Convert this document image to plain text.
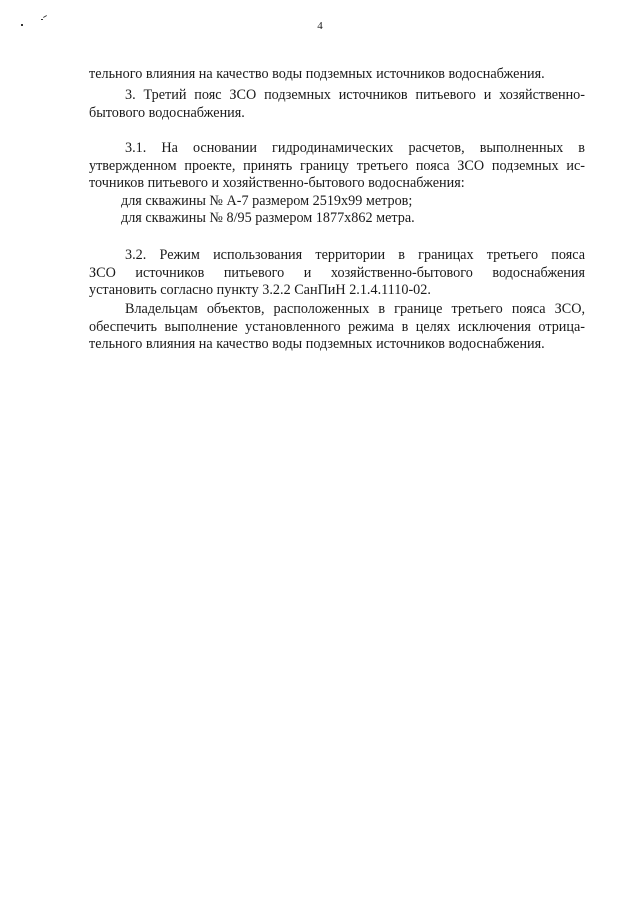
4
тельного влияния на качество воды подземных источников водоснабжения.
3. Третий пояс ЗСО подземных источников питьевого и хозяйственно-
бытового водоснабжения.
3.1. На основании гидродинамических расчетов, выполненных в
утвержденном проекте, принять границу третьего пояса ЗСО подземных ис-
точников питьевого и хозяйственно-бытового водоснабжения:
для скважины № А-7 размером 2519х99 метров;
для скважины № 8/95 размером 1877х862 метра.
3.2. Режим использования территории в границах третьего пояса
ЗСО источников питьевого и хозяйственно-бытового водоснабжения
установить согласно пункту 3.2.2 СанПиН 2.1.4.1110-02.
Владельцам объектов, расположенных в границе третьего пояса ЗСО,
обеспечить выполнение установленного режима в целях исключения отрица-
тельного влияния на качество воды подземных источников водоснабжения.
